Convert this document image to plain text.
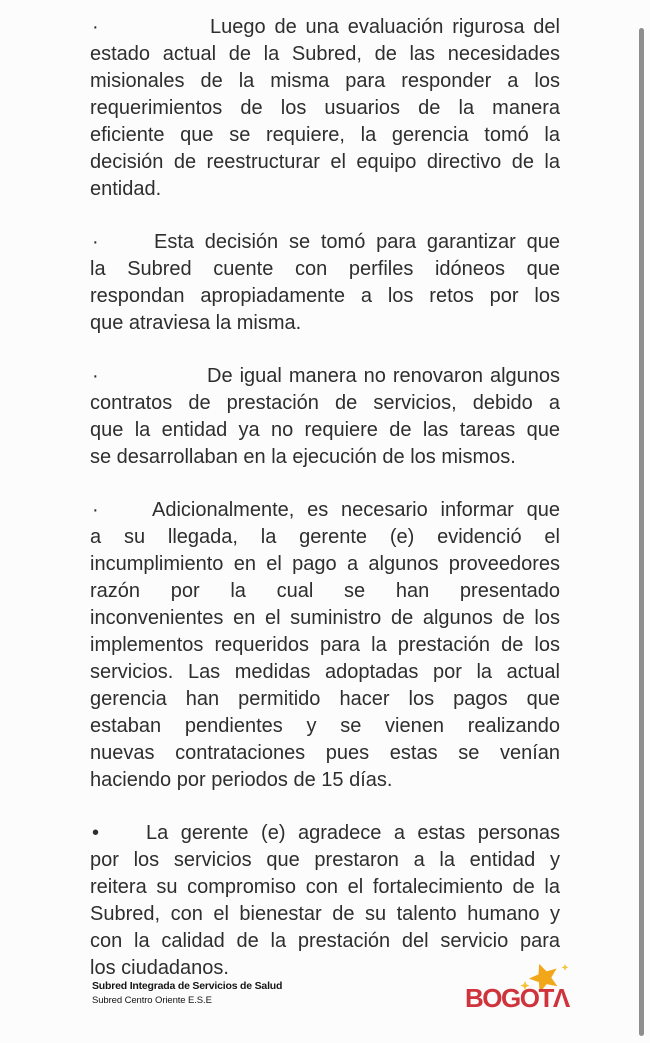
·	Luego de una evaluación rigurosa del
estado actual de la Subred, de las necesidades
misionales de la misma para responder a los
requerimientos de los usuarios de la manera
eficiente que se requiere, la gerencia tomó la
decisión de reestructurar el equipo directivo de la
entidad.
·	Esta decisión se tomó para garantizar que
la Subred cuente con perfiles idóneos que
respondan apropiadamente a los retos por los
que atraviesa la misma.
·	De igual manera no renovaron algunos
contratos de prestación de servicios, debido a
que la entidad ya no requiere de las tareas que
se desarrollaban en la ejecución de los mismos.
·	Adicionalmente, es necesario informar que
a su llegada, la gerente (e) evidenció el
incumplimiento en el pago a algunos proveedores
razón por la cual se han presentado
inconvenientes en el suministro de algunos de los
implementos requeridos para la prestación de los
servicios. Las medidas adoptadas por la actual
gerencia han permitido hacer los pagos que
estaban pendientes y se vienen realizando
nuevas contrataciones pues estas se venían
haciendo por periodos de 15 días.
• La gerente (e) agradece a estas personas
por los servicios que prestaron a la entidad y
reitera su compromiso con el fortalecimiento de la
Subred, con el bienestar de su talento humano y
con la calidad de la prestación del servicio para
los ciudadanos.
Subred Integrada de Servicios de Salud
Subred Centro Oriente E.S.E	BOGOTΛ
